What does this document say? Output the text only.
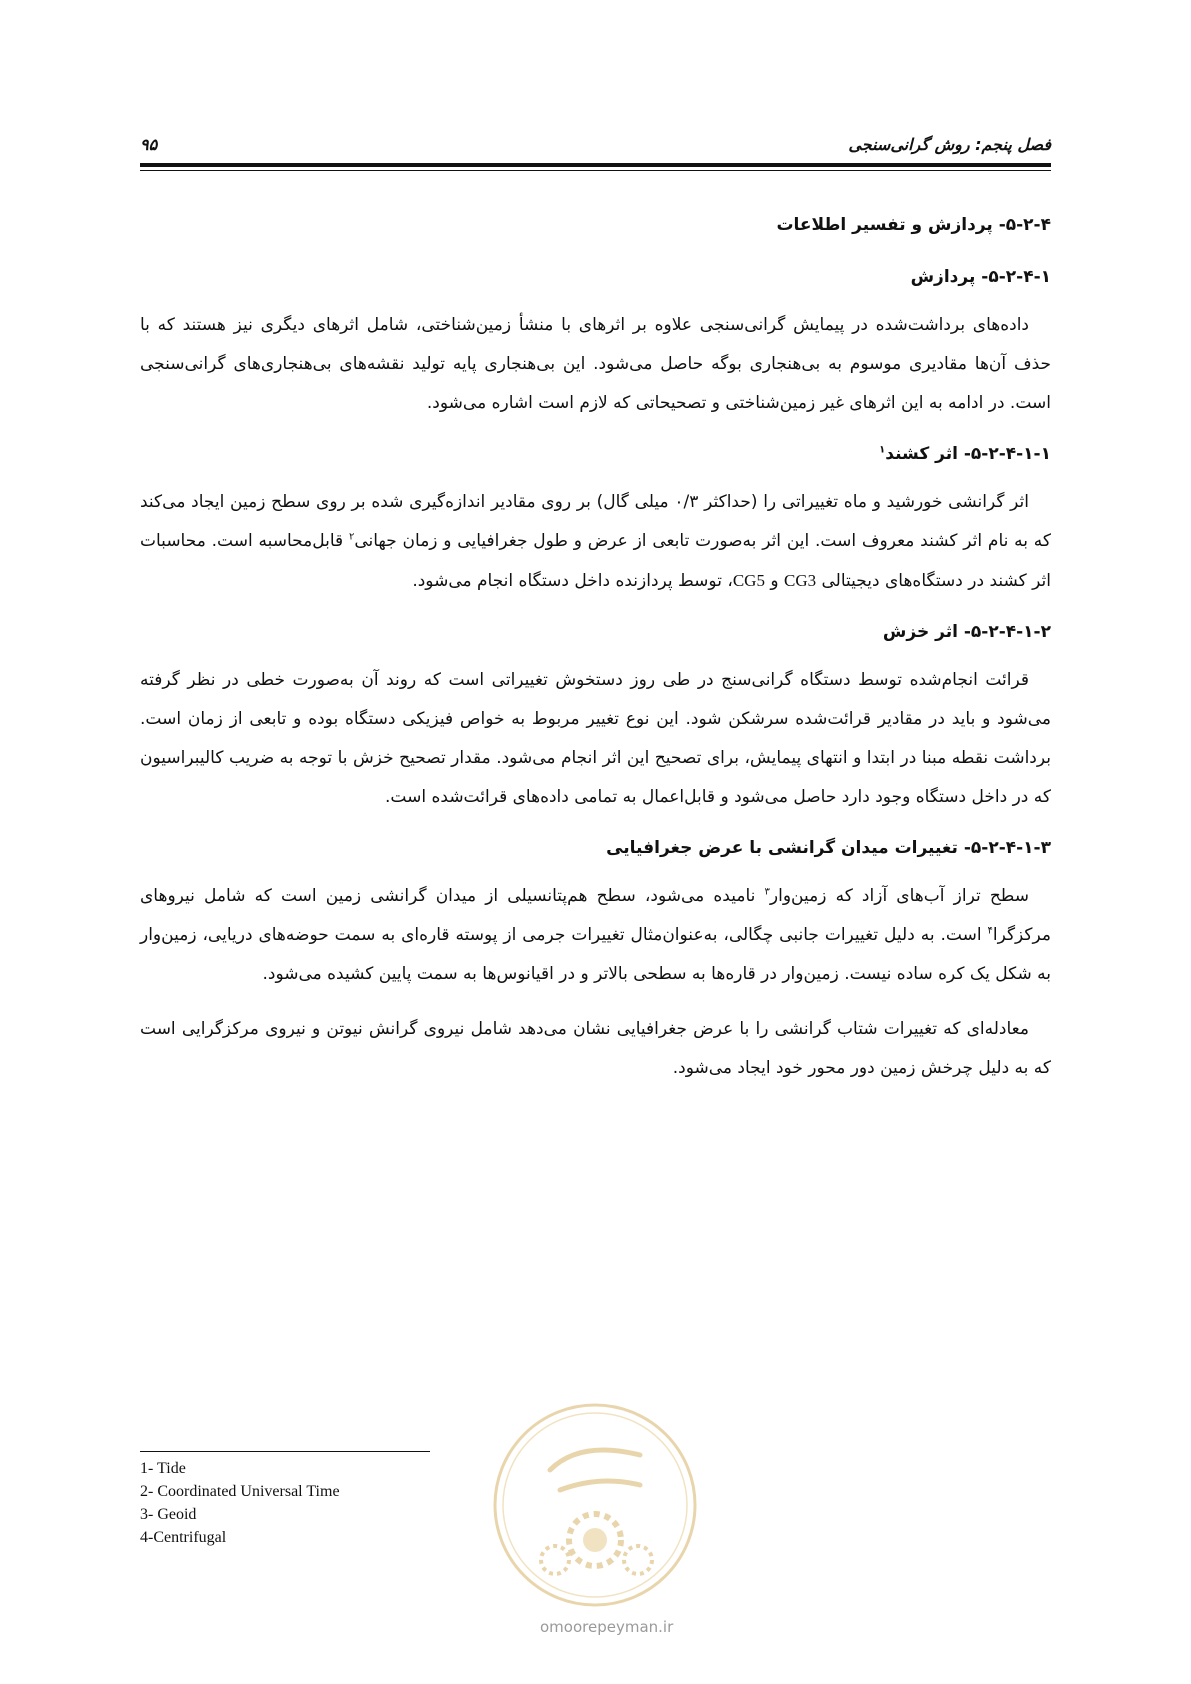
۹۵	فصل پنجم: روش گرانی‌سنجی
۵-۲-۴- پردازش و تفسیر اطلاعات
۵-۲-۴-۱- پردازش

داده‌های برداشت‌شده در پیمایش گرانی‌سنجی علاوه بر اثرهای با منشأ زمین‌شناختی، شامل اثرهای دیگری نیز هستند که با حذف آن‌ها مقادیری موسوم به بی‌هنجاری بوگه حاصل می‌شود. این بی‌هنجاری پایه تولید نقشه‌های بی‌هنجاری‌های گرانی‌سنجی است. در ادامه به این اثرهای غیر زمین‌شناختی و تصحیحاتی که لازم است اشاره می‌شود.

۵-۲-۴-۱-۱- اثر کشند$^۱$

اثر گرانشی خورشید و ماه تغییراتی را (حداکثر ۰/۳ میلی گال) بر روی مقادیر اندازه‌گیری شده بر روی سطح زمین ایجاد می‌کند که به نام اثر کشند معروف است. این اثر به‌صورت تابعی از عرض و طول جغرافیایی و زمان جهانی$^۲$ قابل‌محاسبه است. محاسبات اثر کشند در دستگاه‌های دیجیتالی CG3 و CG5، توسط پردازنده داخل دستگاه انجام می‌شود.

۵-۲-۴-۱-۲- اثر خزش

قرائت انجام‌شده توسط دستگاه گرانی‌سنج در طی روز دستخوش تغییراتی است که روند آن به‌صورت خطی در نظر گرفته می‌شود و باید در مقادیر قرائت‌شده سرشکن شود. این نوع تغییر مربوط به خواص فیزیکی دستگاه بوده و تابعی از زمان است. برداشت نقطه مبنا در ابتدا و انتهای پیمایش، برای تصحیح این اثر انجام می‌شود. مقدار تصحیح خزش با توجه به ضریب کالیبراسیون که در داخل دستگاه وجود دارد حاصل می‌شود و قابل‌اعمال به تمامی داده‌های قرائت‌شده است.

۵-۲-۴-۱-۳- تغییرات میدان گرانشی با عرض جغرافیایی

سطح تراز آب‌های آزاد که زمین‌وار$^۳$ نامیده می‌شود، سطح هم‌پتانسیلی از میدان گرانشی زمین است که شامل نیروهای مرکزگرا$^۴$ است. به دلیل تغییرات جانبی چگالی، به‌عنوان‌مثال تغییرات جرمی از پوسته قاره‌ای به سمت حوضه‌های دریایی، زمین‌وار به شکل یک کره ساده نیست. زمین‌وار در قاره‌ها به سطحی بالاتر و در اقیانوس‌ها به سمت پایین کشیده می‌شود.

معادله‌ای که تغییرات شتاب گرانشی را با عرض جغرافیایی نشان می‌دهد شامل نیروی گرانش نیوتن و نیروی مرکزگرایی است که به دلیل چرخش زمین دور محور خود ایجاد می‌شود.

1- Tide
2- Coordinated Universal Time
3- Geoid
4-Centrifugal
omoorepeyman.ir
